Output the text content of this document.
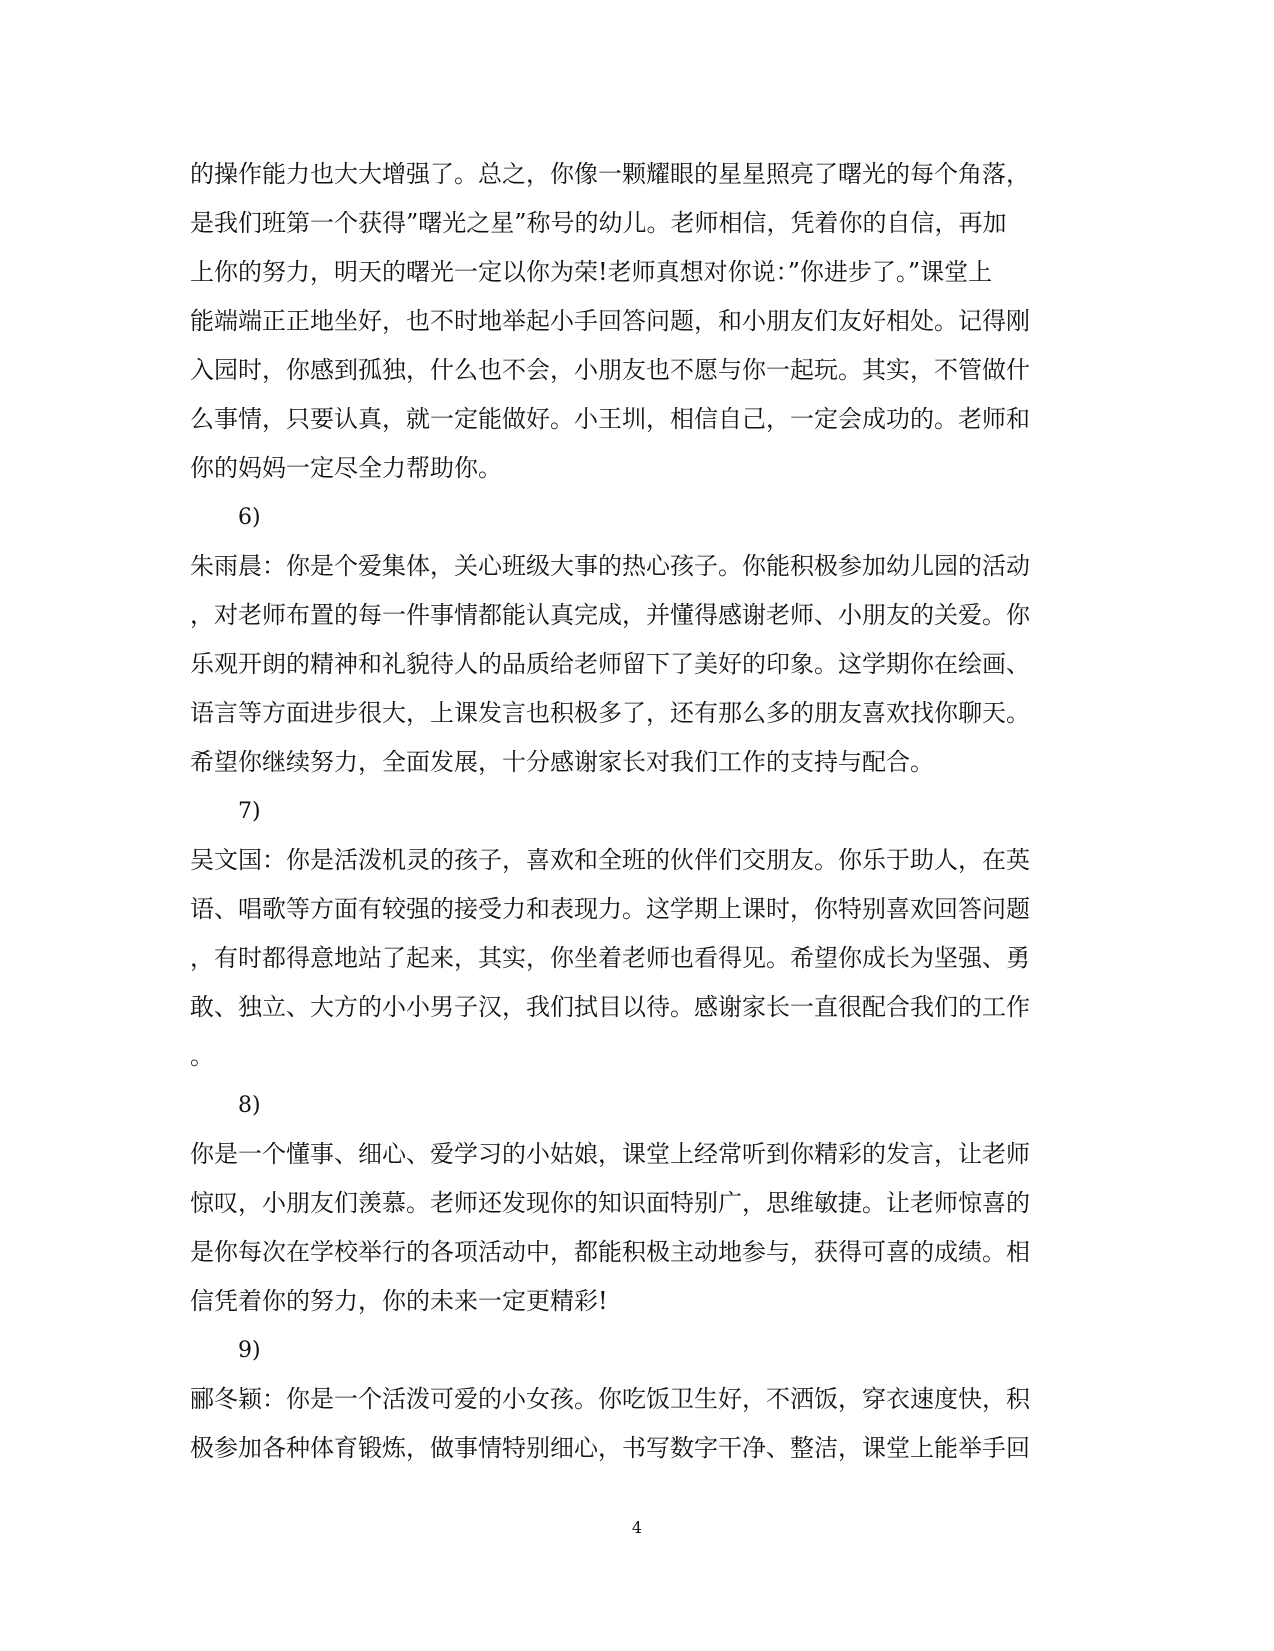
的操作能力也大大增强了。总之，你像一颗耀眼的星星照亮了曙光的每个角落，
是我们班第一个获得”曙光之星”称号的幼儿。老师相信，凭着你的自信，再加
上你的努力，明天的曙光一定以你为荣!老师真想对你说：”你进步了。”课堂上
能端端正正地坐好，也不时地举起小手回答问题，和小朋友们友好相处。记得刚
入园时，你感到孤独，什么也不会，小朋友也不愿与你一起玩。其实，不管做什
么事情，只要认真，就一定能做好。小王圳，相信自己，一定会成功的。老师和
你的妈妈一定尽全力帮助你。
6)
朱雨晨：你是个爱集体，关心班级大事的热心孩子。你能积极参加幼儿园的活动
，对老师布置的每一件事情都能认真完成，并懂得感谢老师、小朋友的关爱。你
乐观开朗的精神和礼貌待人的品质给老师留下了美好的印象。这学期你在绘画、
语言等方面进步很大，上课发言也积极多了，还有那么多的朋友喜欢找你聊天。
希望你继续努力，全面发展，十分感谢家长对我们工作的支持与配合。
7)
吴文国：你是活泼机灵的孩子，喜欢和全班的伙伴们交朋友。你乐于助人，在英
语、唱歌等方面有较强的接受力和表现力。这学期上课时，你特别喜欢回答问题
，有时都得意地站了起来，其实，你坐着老师也看得见。希望你成长为坚强、勇
敢、独立、大方的小小男子汉，我们拭目以待。感谢家长一直很配合我们的工作
。
8)
你是一个懂事、细心、爱学习的小姑娘，课堂上经常听到你精彩的发言，让老师
惊叹，小朋友们羡慕。老师还发现你的知识面特别广，思维敏捷。让老师惊喜的
是你每次在学校举行的各项活动中，都能积极主动地参与，获得可喜的成绩。相
信凭着你的努力，你的未来一定更精彩!
9)
郦冬颖：你是一个活泼可爱的小女孩。你吃饭卫生好，不洒饭，穿衣速度快，积
极参加各种体育锻炼，做事情特别细心，书写数字干净、整洁，课堂上能举手回
4
